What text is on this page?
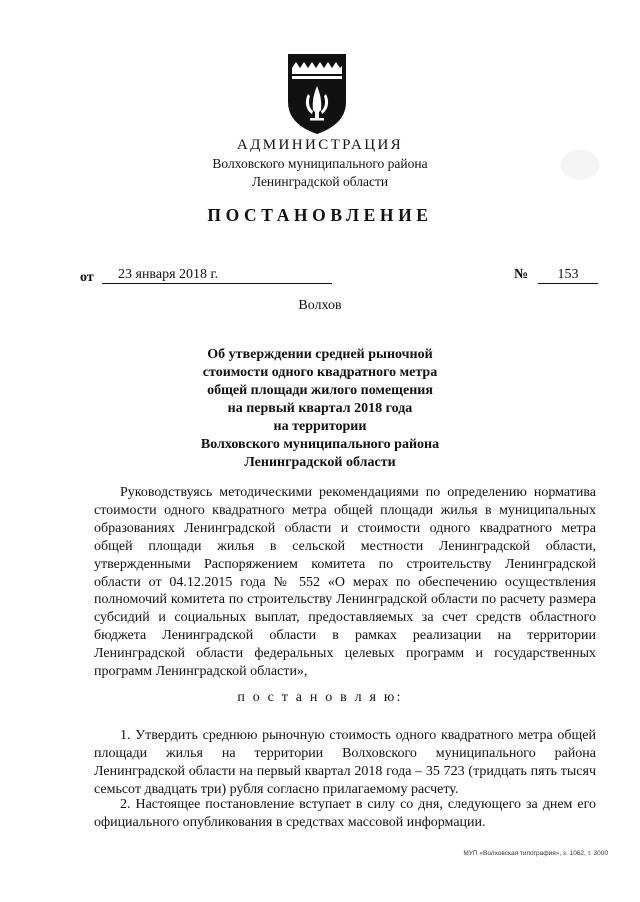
АДМИНИСТРАЦИЯ
Волховского муниципального района
Ленинградской области
ПОСТАНОВЛЕНИЕ
от	23 января 2018 г.	№	153
Волхов
Об утверждении средней рыночной
стоимости одного квадратного метра
общей площади жилого помещения
на первый квартал 2018 года
на территории
Волховского муниципального района
Ленинградской области
Руководствуясь методическими рекомендациями по определению норматива стоимости одного квадратного метра общей площади жилья в муниципальных образованиях Ленинградской области и стоимости одного квадратного метра общей площади жилья в сельской местности Ленинградской области, утвержденными Распоряжением комитета по строительству Ленинградской области от 04.12.2015 года № 552 «О мерах по обеспечению осуществления полномочий комитета по строительству Ленинградской области по расчету размера субсидий и социальных выплат, предоставляемых за счет средств областного бюджета Ленинградской области в рамках реализации на территории Ленинградской области федеральных целевых программ и государственных программ Ленинградской области»,
п о с т а н о в л я ю:
1. Утвердить среднюю рыночную стоимость одного квадратного метра общей площади жилья на территории Волховского муниципального района Ленинградской области на первый квартал 2018 года – 35 723 (тридцать пять тысяч семьсот двадцать три) рубля согласно прилагаемому расчету.
2. Настоящее постановление вступает в силу со дня, следующего за днем его официального опубликования в средствах массовой информации.
МУП «Волховская типография», з. 1062, т. 3000
